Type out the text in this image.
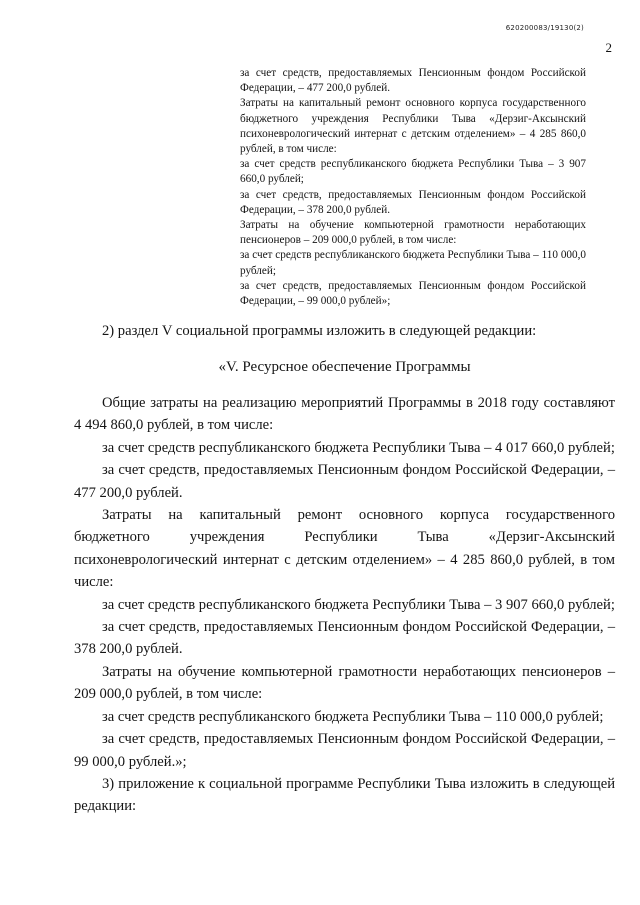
620200083/19130(2)
2

за счет средств, предоставляемых Пенсионным фондом Российской Федерации, – 477 200,0 рублей.

Затраты на капитальный ремонт основного корпуса государственного бюджетного учреждения Республики Тыва «Дерзиг-Аксынский психоневрологический интернат с детским отделением» – 4 285 860,0 рублей, в том числе:

за счет средств республиканского бюджета Республики Тыва – 3 907 660,0 рублей;

за счет средств, предоставляемых Пенсионным фондом Российской Федерации, – 378 200,0 рублей.

Затраты на обучение компьютерной грамотности неработающих пенсионеров – 209 000,0 рублей, в том числе:

за счет средств республиканского бюджета Республики Тыва – 110 000,0 рублей;

за счет средств, предоставляемых Пенсионным фондом Российской Федерации, – 99 000,0 рублей»;

2) раздел V социальной программы изложить в следующей редакции:

«V. Ресурсное обеспечение Программы

Общие затраты на реализацию мероприятий Программы в 2018 году составляют 4 494 860,0 рублей, в том числе:

за счет средств республиканского бюджета Республики Тыва – 4 017 660,0 рублей;

за счет средств, предоставляемых Пенсионным фондом Российской Федерации, – 477 200,0 рублей.

Затраты на капитальный ремонт основного корпуса государственного бюджетного учреждения Республики Тыва «Дерзиг-Аксынский психоневрологический интернат с детским отделением» – 4 285 860,0 рублей, в том числе:

за счет средств республиканского бюджета Республики Тыва – 3 907 660,0 рублей;

за счет средств, предоставляемых Пенсионным фондом Российской Федерации, – 378 200,0 рублей.

Затраты на обучение компьютерной грамотности неработающих пенсионеров – 209 000,0 рублей, в том числе:

за счет средств республиканского бюджета Республики Тыва – 110 000,0 рублей;

за счет средств, предоставляемых Пенсионным фондом Российской Федерации, – 99 000,0 рублей.»;

3) приложение к социальной программе Республики Тыва изложить в следующей редакции:
